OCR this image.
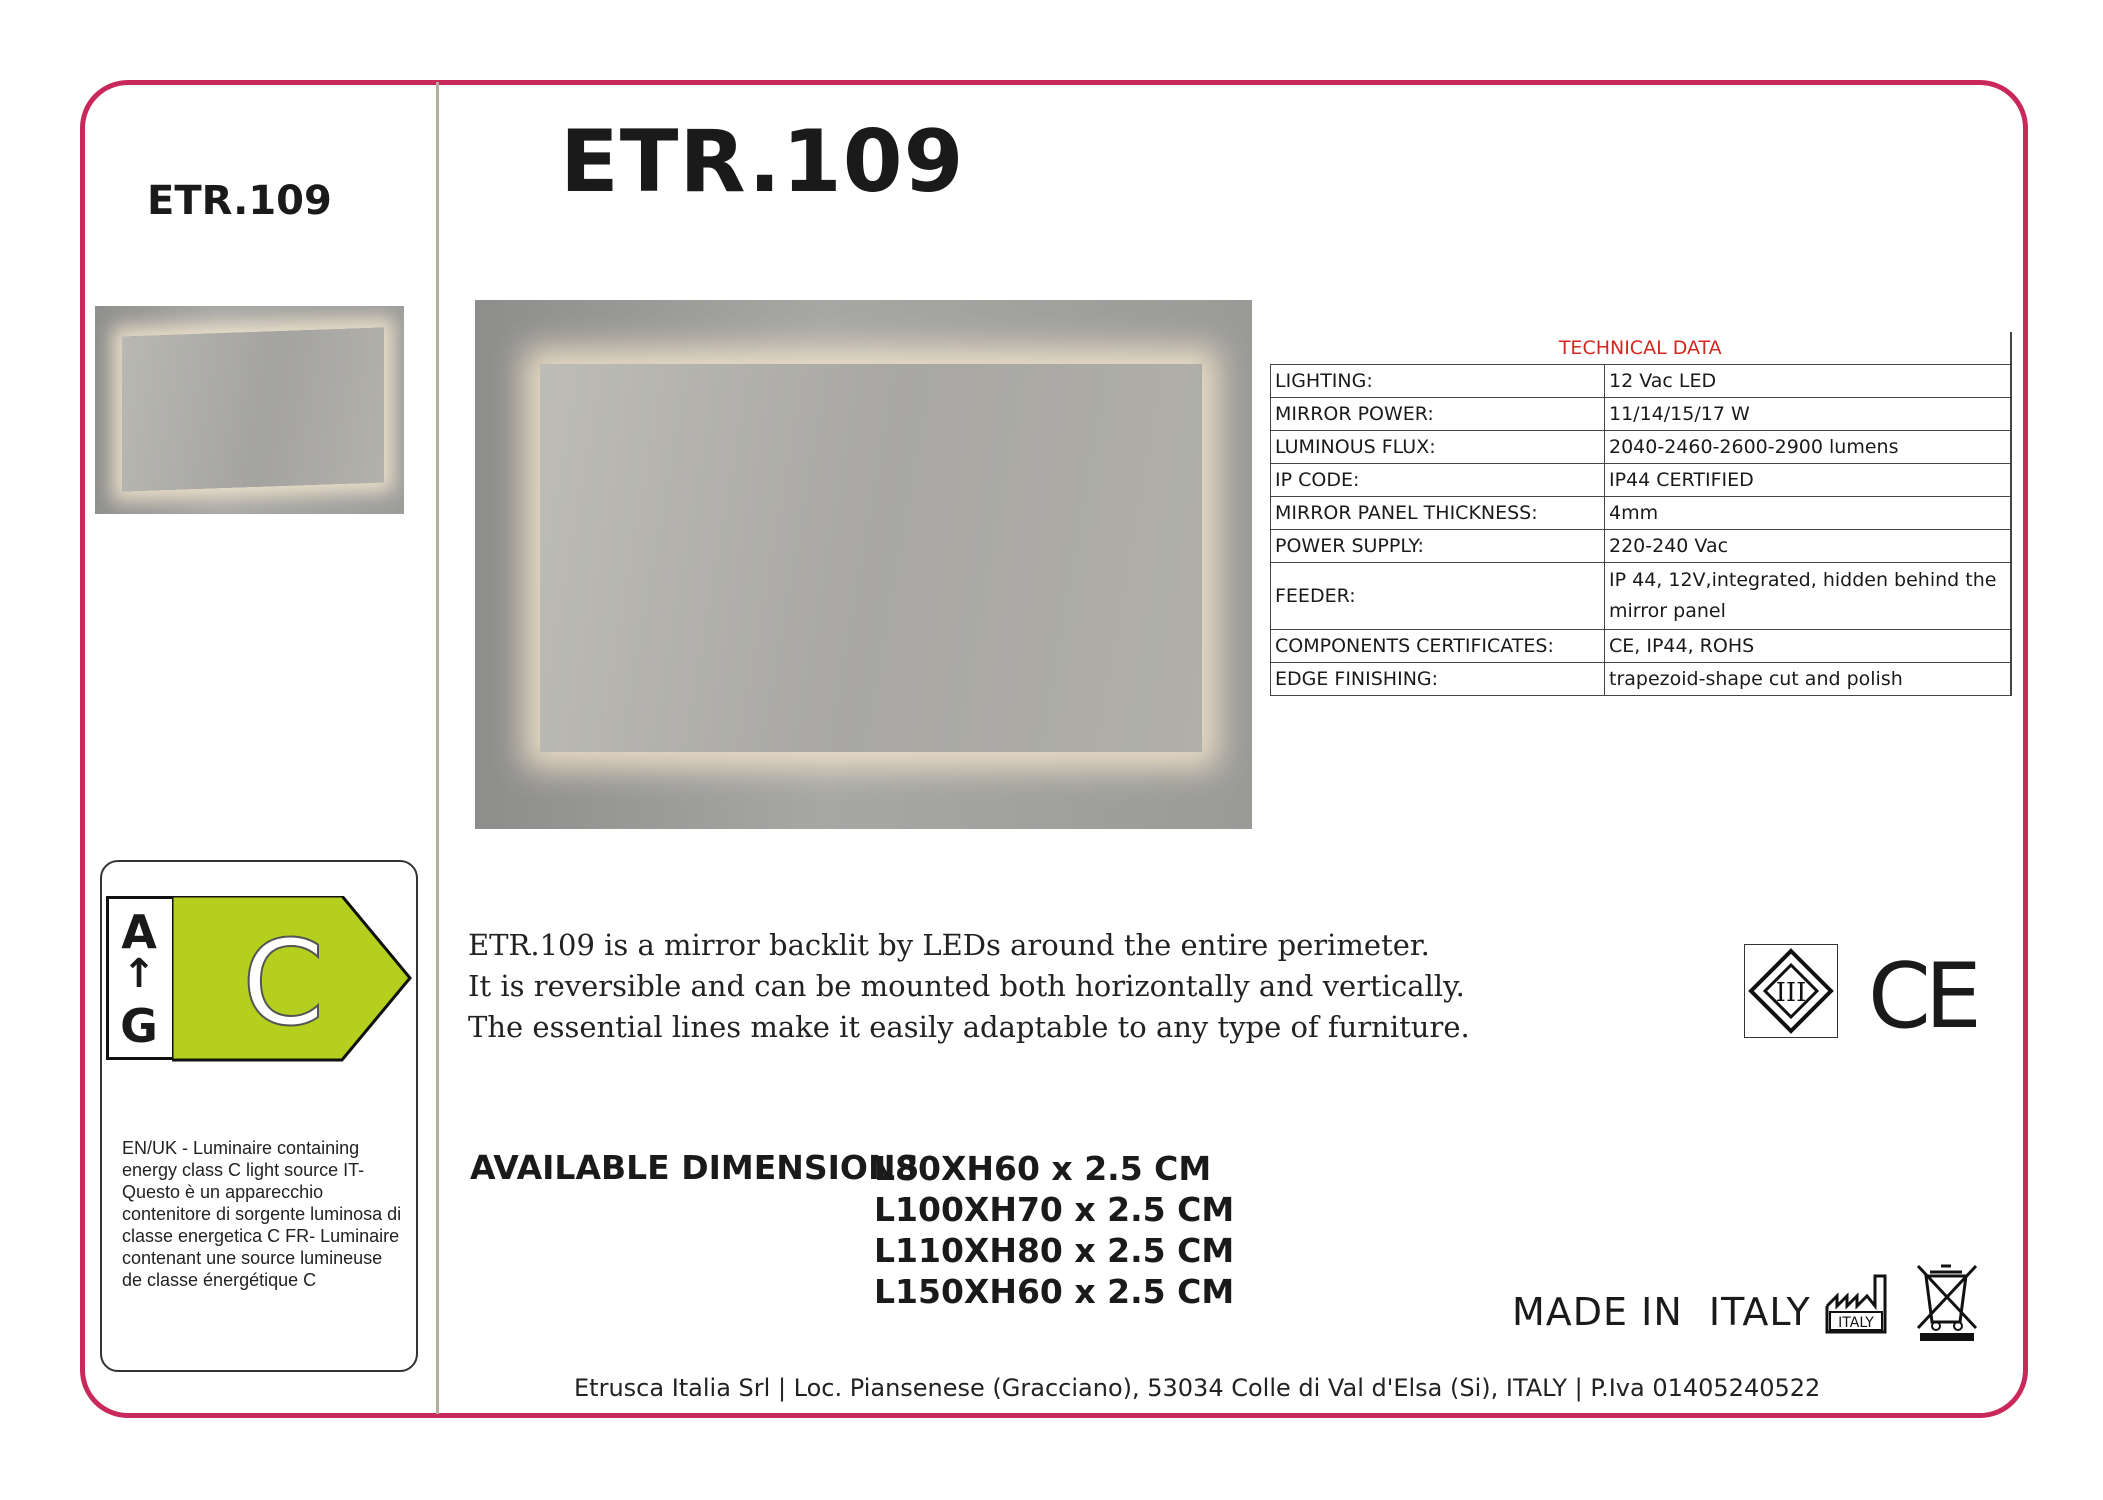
ETR.109	ETR.109
TECHNICAL DATA	
LIGHTING:	12 Vac LED
MIRROR POWER:	11/14/15/17 W
LUMINOUS FLUX:	2040-2460-2600-2900 lumens
IP CODE:	IP44 CERTIFIED
MIRROR PANEL THICKNESS:	4mm
POWER SUPPLY:	220-240 Vac
FEEDER:	IP 44, 12V,integrated, hidden behind the mirror panel
COMPONENTS CERTIFICATES:	CE, IP44, ROHS
EDGE FINISHING:	trapezoid-shape cut and polish
A
↑
G C
EN/UK - Luminaire containing energy class C light source IT- Questo è un apparecchio contenitore di sorgente luminosa di classe energetica C FR- Luminaire contenant une source lumineuse de classe énergétique C

ETR.109 is a mirror backlit by LEDs around the entire perimeter.

It is reversible and can be mounted both horizontally and vertically.

The essential lines make it easily adaptable to any type of furniture.

III CE
AVAILABLE DIMENSIONS
L80XH60 x 2.5 CM
L100XH70 x 2.5 CM
L110XH80 x 2.5 CM
L150XH60 x 2.5 CM	MADE IN  ITALY ITALY
Etrusca Italia Srl | Loc. Piansenese (Gracciano), 53034 Colle di Val d'Elsa (Si), ITALY | P.Iva 01405240522
